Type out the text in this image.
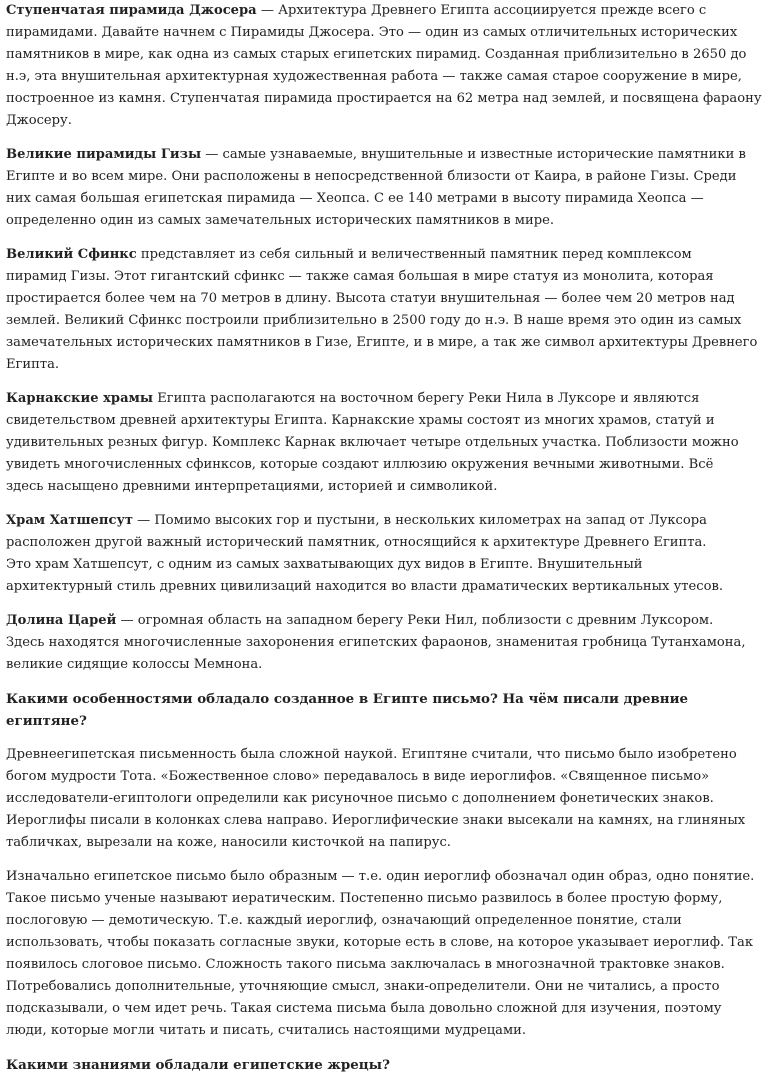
Ступенчатая пирамида Джосера — Архитектура Древнего Египта ассоциируется прежде всего с
пирамидами. Давайте начнем с Пирамиды Джосера. Это — один из самых отличительных исторических
памятников в мире, как одна из самых старых египетских пирамид. Созданная приблизительно в 2650 до
н.э, эта внушительная архитектурная художественная работа — также самая старое сооружение в мире,
построенное из камня. Ступенчатая пирамида простирается на 62 метра над землей, и посвящена фараону
Джосеру.
Великие пирамиды Гизы — самые узнаваемые, внушительные и известные исторические памятники в
Египте и во всем мире. Они расположены в непосредственной близости от Каира, в районе Гизы. Среди
них самая большая египетская пирамида — Хеопса. С ее 140 метрами в высоту пирамида Хеопса —
определенно один из самых замечательных исторических памятников в мире.
Великий Сфинкс представляет из себя сильный и величественный памятник перед комплексом
пирамид Гизы. Этот гигантский сфинкс — также самая большая в мире статуя из монолита, которая
простирается более чем на 70 метров в длину. Высота статуи внушительная — более чем 20 метров над
землей. Великий Сфинкс построили приблизительно в 2500 году до н.э. В наше время это один из самых
замечательных исторических памятников в Гизе, Египте, и в мире, а так же символ архитектуры Древнего
Египта.
Карнакские храмы Египта располагаются на восточном берегу Реки Нила в Луксоре и являются
свидетельством древней архитектуры Египта. Карнакские храмы состоят из многих храмов, статуй и
удивительных резных фигур. Комплекс Карнак включает четыре отдельных участка. Поблизости можно
увидеть многочисленных сфинксов, которые создают иллюзию окружения вечными животными. Всё
здесь насыщено древними интерпретациями, историей и символикой.
Храм Хатшепсут — Помимо высоких гор и пустыни, в нескольких километрах на запад от Луксора
расположен другой важный исторический памятник, относящийся к архитектуре Древнего Египта.
Это храм Хатшепсут, с одним из самых захватывающих дух видов в Египте. Внушительный
архитектурный стиль древних цивилизаций находится во власти драматических вертикальных утесов.
Долина Царей — огромная область на западном берегу Реки Нил, поблизости с древним Луксором.
Здесь находятся многочисленные захоронения египетских фараонов, знаменитая гробница Тутанхамона,
великие сидящие колоссы Мемнона.
Какими особенностями обладало созданное в Египте письмо? На чём писали древние
египтяне?
Древнеегипетская письменность была сложной наукой. Египтяне считали, что письмо было изобретено
богом мудрости Тота. «Божественное слово» передавалось в виде иероглифов. «Священное письмо»
исследователи-египтологи определили как рисуночное письмо с дополнением фонетических знаков.
Иероглифы писали в колонках слева направо. Иероглифические знаки высекали на камнях, на глиняных
табличках, вырезали на коже, наносили кисточкой на папирус.
Изначально египетское письмо было образным — т.е. один иероглиф обозначал один образ, одно понятие.
Такое письмо ученые называют иератическим. Постепенно письмо развилось в более простую форму,
послоговую — демотическую. Т.е. каждый иероглиф, означающий определенное понятие, стали
использовать, чтобы показать согласные звуки, которые есть в слове, на которое указывает иероглиф. Так
появилось слоговое письмо. Сложность такого письма заключалась в многозначной трактовке знаков.
Потребовались дополнительные, уточняющие смысл, знаки-определители. Они не читались, а просто
подсказывали, о чем идет речь. Такая система письма была довольно сложной для изучения, поэтому
люди, которые могли читать и писать, считались настоящими мудрецами.
Какими знаниями обладали египетские жрецы?
